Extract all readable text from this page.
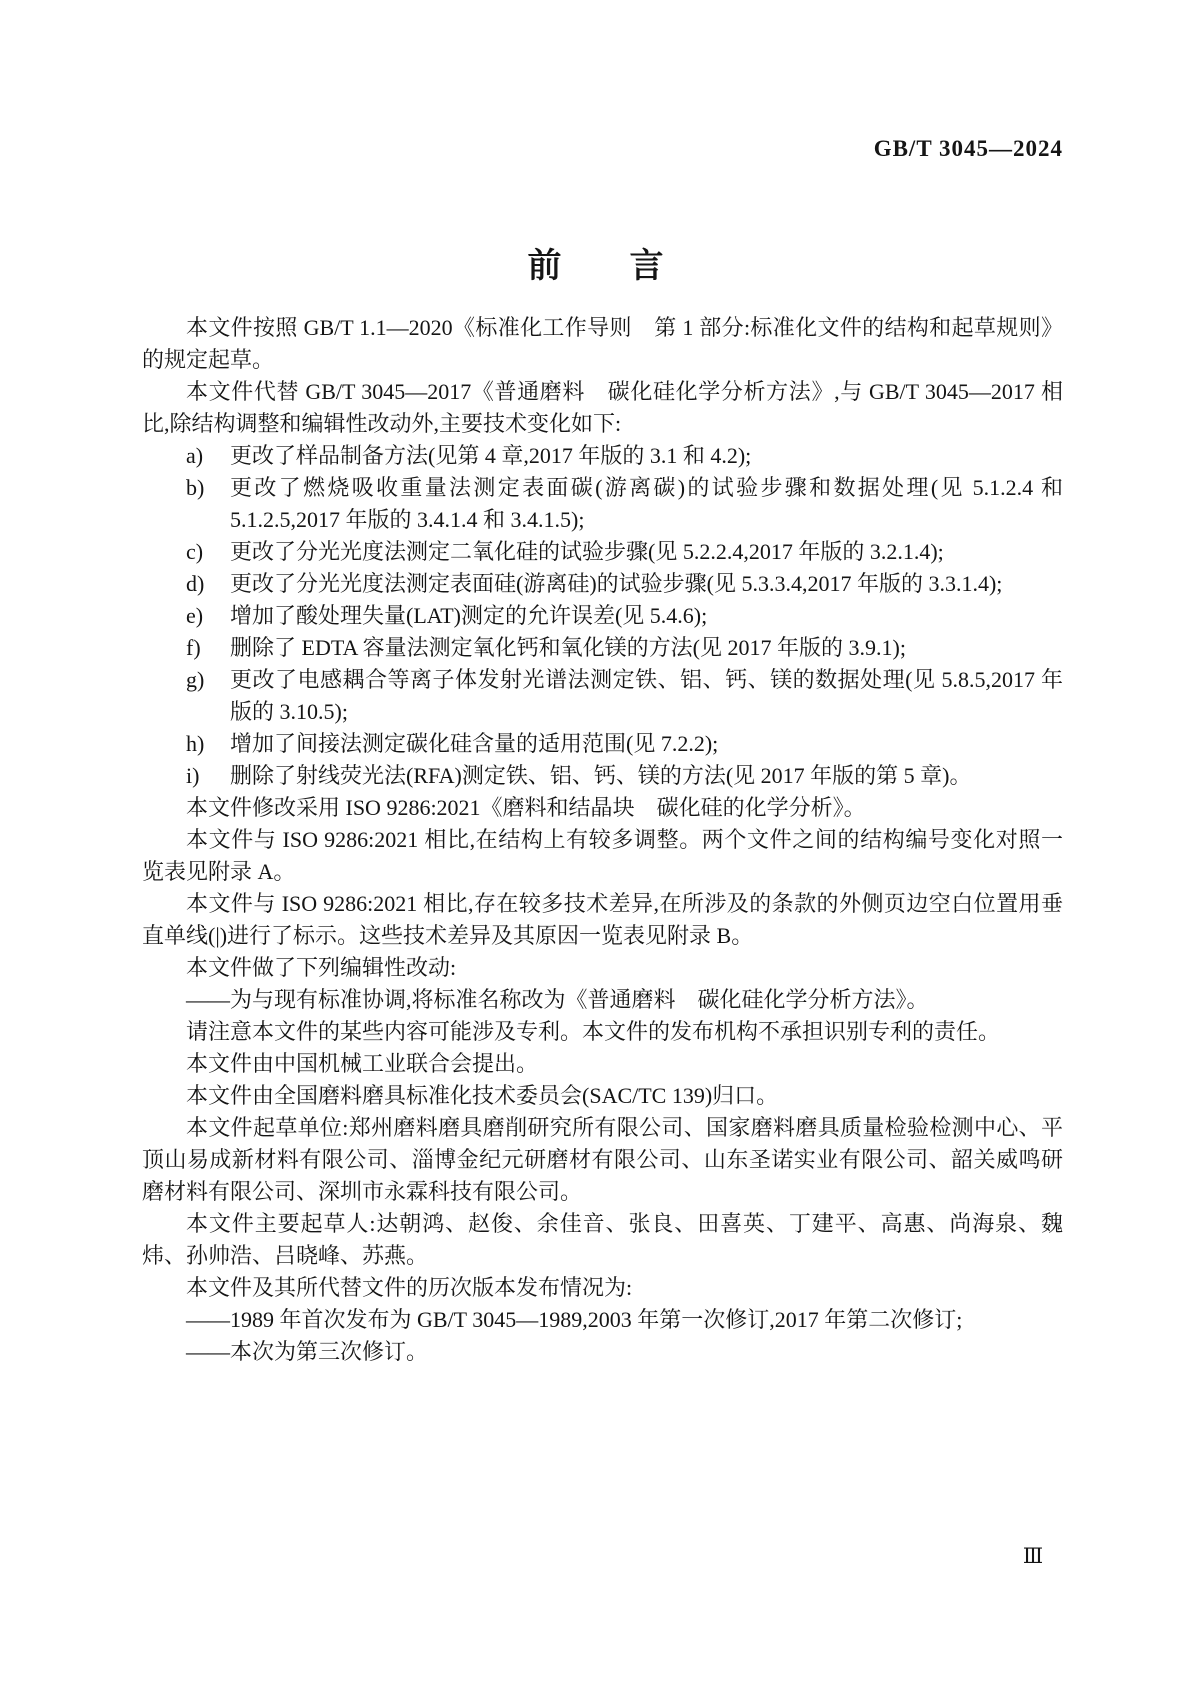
GB/T 3045—2024
前　　言

本文件按照 GB/T 1.1—2020《标准化工作导则　第 1 部分:标准化文件的结构和起草规则》的规定起草。

本文件代替 GB/T 3045—2017《普通磨料　碳化硅化学分析方法》,与 GB/T 3045—2017 相比,除结构调整和编辑性改动外,主要技术变化如下:

a) 更改了样品制备方法(见第 4 章,2017 年版的 3.1 和 4.2);
b) 更改了燃烧吸收重量法测定表面碳(游离碳)的试验步骤和数据处理(见 5.1.2.4 和 5.1.2.5,2017 年版的 3.4.1.4 和 3.4.1.5);
c) 更改了分光光度法测定二氧化硅的试验步骤(见 5.2.2.4,2017 年版的 3.2.1.4);
d) 更改了分光光度法测定表面硅(游离硅)的试验步骤(见 5.3.3.4,2017 年版的 3.3.1.4);
e) 增加了酸处理失量(LAT)测定的允许误差(见 5.4.6);
f) 删除了 EDTA 容量法测定氧化钙和氧化镁的方法(见 2017 年版的 3.9.1);
g) 更改了电感耦合等离子体发射光谱法测定铁、铝、钙、镁的数据处理(见 5.8.5,2017 年版的 3.10.5);
h) 增加了间接法测定碳化硅含量的适用范围(见 7.2.2);
i) 删除了射线荧光法(RFA)测定铁、铝、钙、镁的方法(见 2017 年版的第 5 章)。

本文件修改采用 ISO 9286:2021《磨料和结晶块　碳化硅的化学分析》。

本文件与 ISO 9286:2021 相比,在结构上有较多调整。两个文件之间的结构编号变化对照一览表见附录 A。

本文件与 ISO 9286:2021 相比,存在较多技术差异,在所涉及的条款的外侧页边空白位置用垂直单线(|)进行了标示。这些技术差异及其原因一览表见附录 B。

本文件做了下列编辑性改动:

——为与现有标准协调,将标准名称改为《普通磨料　碳化硅化学分析方法》。

请注意本文件的某些内容可能涉及专利。本文件的发布机构不承担识别专利的责任。

本文件由中国机械工业联合会提出。

本文件由全国磨料磨具标准化技术委员会(SAC/TC 139)归口。

本文件起草单位:郑州磨料磨具磨削研究所有限公司、国家磨料磨具质量检验检测中心、平顶山易成新材料有限公司、淄博金纪元研磨材有限公司、山东圣诺实业有限公司、韶关威鸣研磨材料有限公司、深圳市永霖科技有限公司。

本文件主要起草人:达朝鸿、赵俊、余佳音、张良、田喜英、丁建平、高惠、尚海泉、魏炜、孙帅浩、吕晓峰、苏燕。

本文件及其所代替文件的历次版本发布情况为:

——1989 年首次发布为 GB/T 3045—1989,2003 年第一次修订,2017 年第二次修订;

——本次为第三次修订。

Ⅲ
